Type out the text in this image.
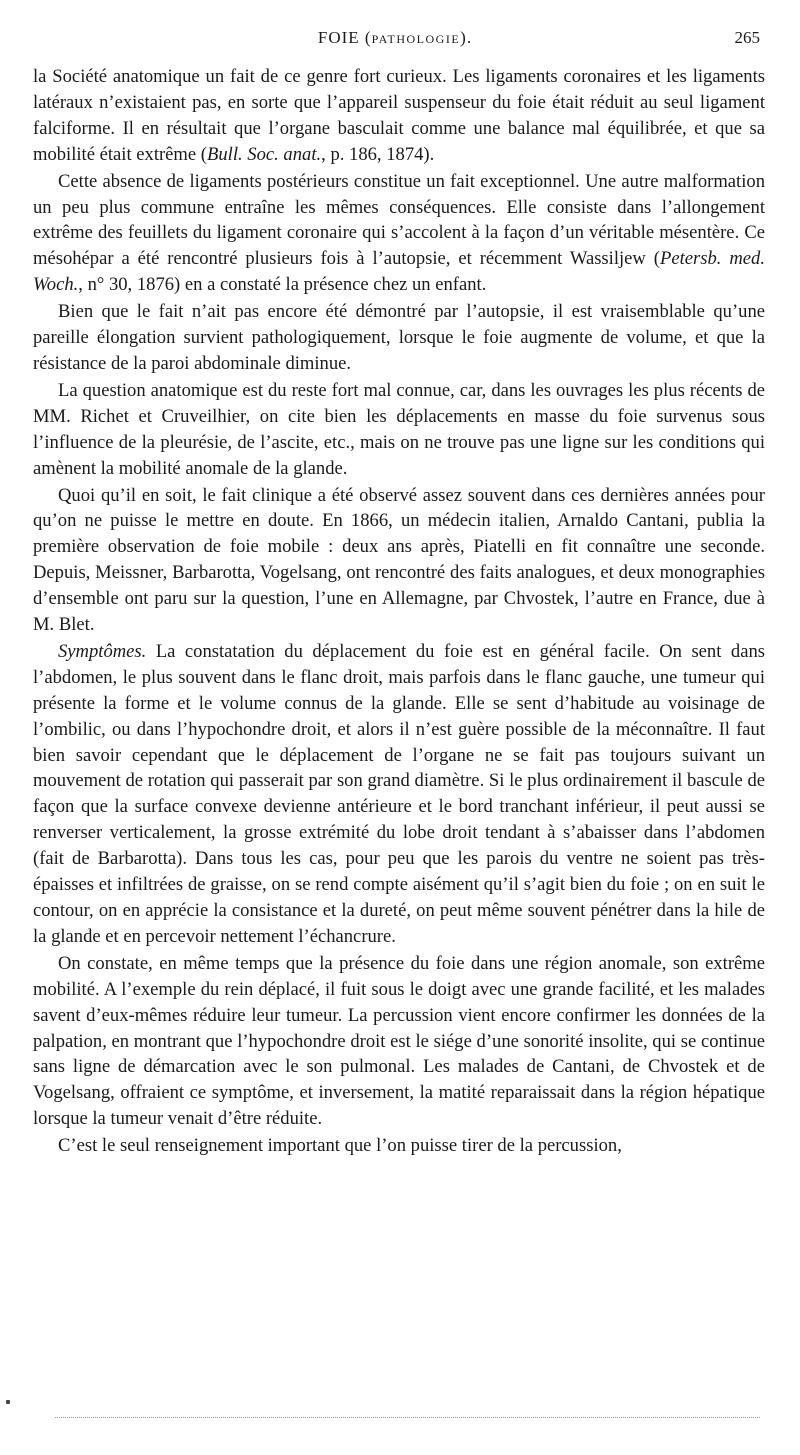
FOIE (PATHOLOGIE).	265

la Société anatomique un fait de ce genre fort curieux. Les ligaments coronaires et les ligaments latéraux n’existaient pas, en sorte que l’appareil suspenseur du foie était réduit au seul ligament falciforme. Il en résultait que l’organe basculait comme une balance mal équilibrée, et que sa mobilité était extrême (Bull. Soc. anat., p. 186, 1874).

Cette absence de ligaments postérieurs constitue un fait exceptionnel. Une autre malformation un peu plus commune entraîne les mêmes conséquences. Elle consiste dans l’allongement extrême des feuillets du ligament coronaire qui s’accolent à la façon d’un véritable mésentère. Ce mésohépar a été rencontré plusieurs fois à l’autopsie, et récemment Wassiljew (Petersb. med. Woch., n° 30, 1876) en a constaté la présence chez un enfant.

Bien que le fait n’ait pas encore été démontré par l’autopsie, il est vraisemblable qu’une pareille élongation survient pathologiquement, lorsque le foie augmente de volume, et que la résistance de la paroi abdominale diminue.

La question anatomique est du reste fort mal connue, car, dans les ouvrages les plus récents de MM. Richet et Cruveilhier, on cite bien les déplacements en masse du foie survenus sous l’influence de la pleurésie, de l’ascite, etc., mais on ne trouve pas une ligne sur les conditions qui amènent la mobilité anomale de la glande.

Quoi qu’il en soit, le fait clinique a été observé assez souvent dans ces dernières années pour qu’on ne puisse le mettre en doute. En 1866, un médecin italien, Arnaldo Cantani, publia la première observation de foie mobile : deux ans après, Piatelli en fit connaître une seconde. Depuis, Meissner, Barbarotta, Vogelsang, ont rencontré des faits analogues, et deux monographies d’ensemble ont paru sur la question, l’une en Allemagne, par Chvostek, l’autre en France, due à M. Blet.

Symptômes. La constatation du déplacement du foie est en général facile. On sent dans l’abdomen, le plus souvent dans le flanc droit, mais parfois dans le flanc gauche, une tumeur qui présente la forme et le volume connus de la glande. Elle se sent d’habitude au voisinage de l’ombilic, ou dans l’hypochondre droit, et alors il n’est guère possible de la méconnaître. Il faut bien savoir cependant que le déplacement de l’organe ne se fait pas toujours suivant un mouvement de rotation qui passerait par son grand diamètre. Si le plus ordinairement il bascule de façon que la surface convexe devienne antérieure et le bord tranchant inférieur, il peut aussi se renverser verticalement, la grosse extrémité du lobe droit tendant à s’abaisser dans l’abdomen (fait de Barbarotta). Dans tous les cas, pour peu que les parois du ventre ne soient pas très-épaisses et infiltrées de graisse, on se rend compte aisément qu’il s’agit bien du foie ; on en suit le contour, on en apprécie la consistance et la dureté, on peut même souvent pénétrer dans la hile de la glande et en percevoir nettement l’échancrure.

On constate, en même temps que la présence du foie dans une région anomale, son extrême mobilité. A l’exemple du rein déplacé, il fuit sous le doigt avec une grande facilité, et les malades savent d’eux-mêmes réduire leur tumeur. La percussion vient encore confirmer les données de la palpation, en montrant que l’hypochondre droit est le siége d’une sonorité insolite, qui se continue sans ligne de démarcation avec le son pulmonal. Les malades de Cantani, de Chvostek et de Vogelsang, offraient ce symptôme, et inversement, la matité reparaissait dans la région hépatique lorsque la tumeur venait d’être réduite.

C’est le seul renseignement important que l’on puisse tirer de la percussion,
